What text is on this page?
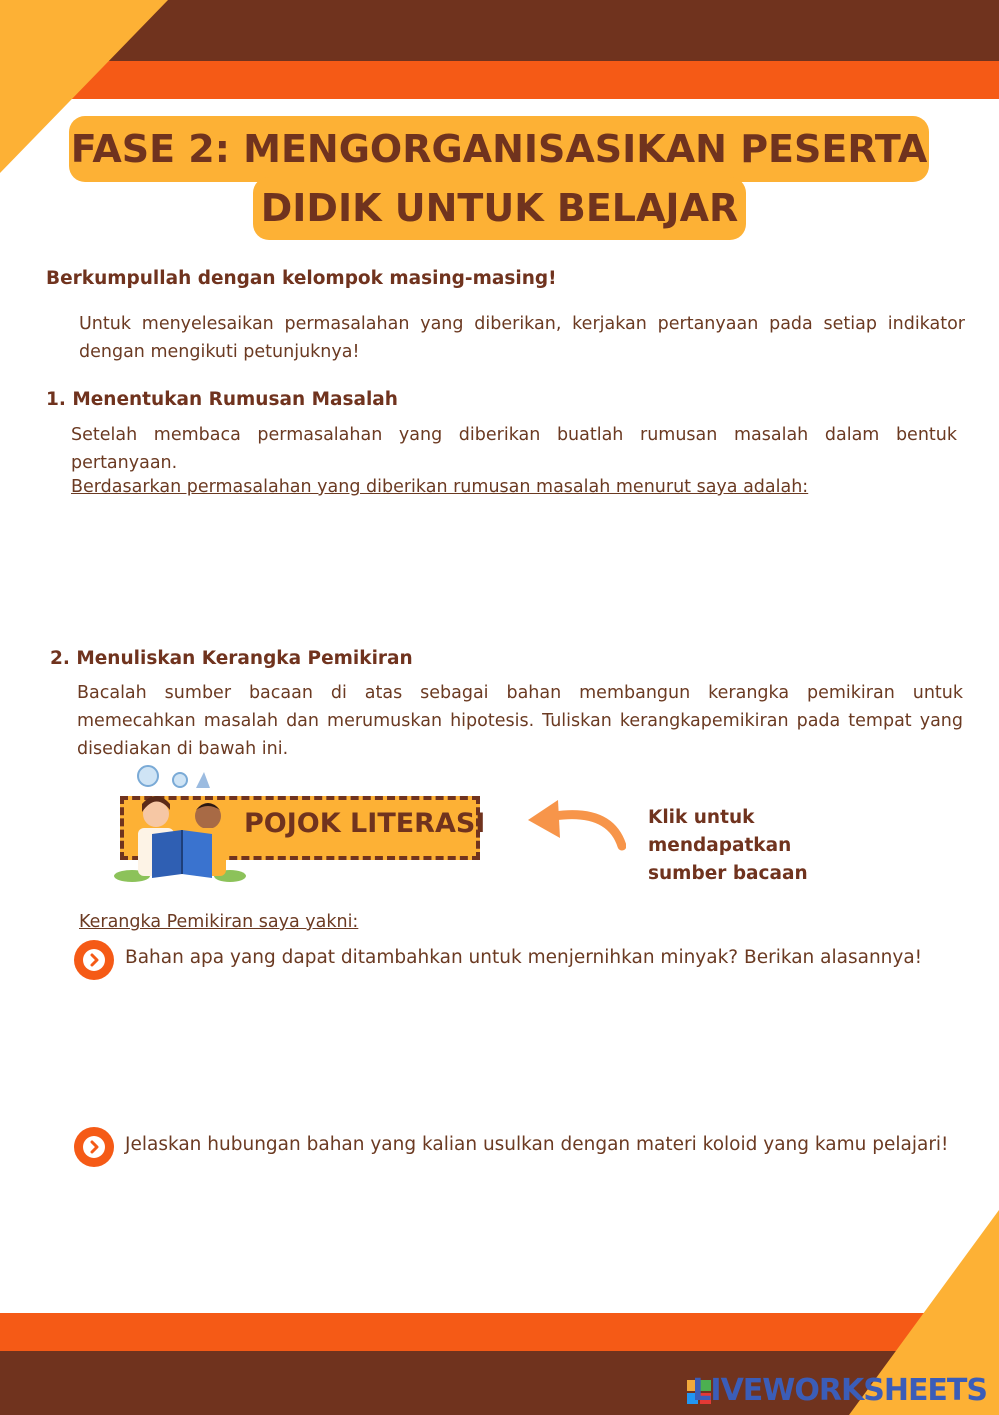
FASE 2: MENGORGANISASIKAN PESERTA
DIDIK UNTUK BELAJAR
Berkumpullah dengan kelompok masing-masing!
Untuk menyelesaikan permasalahan yang diberikan, kerjakan pertanyaan pada setiap indikator dengan mengikuti petunjuknya!
1. Menentukan Rumusan Masalah
Setelah membaca permasalahan yang diberikan buatlah rumusan masalah dalam bentuk pertanyaan.
Berdasarkan permasalahan yang diberikan rumusan masalah menurut saya adalah:
2. Menuliskan Kerangka Pemikiran
Bacalah sumber bacaan di atas sebagai bahan membangun kerangka pemikiran untuk memecahkan masalah dan merumuskan hipotesis. Tuliskan kerangkapemikiran pada tempat yang disediakan di bawah ini.
POJOK LITERASI	Klik untuk
mendapatkan
sumber bacaan
Kerangka Pemikiran saya yakni:
Bahan apa yang dapat ditambahkan untuk menjernihkan minyak? Berikan alasannya!
Jelaskan hubungan bahan yang kalian usulkan dengan materi koloid yang kamu pelajari!
LIVEWORKSHEETS
